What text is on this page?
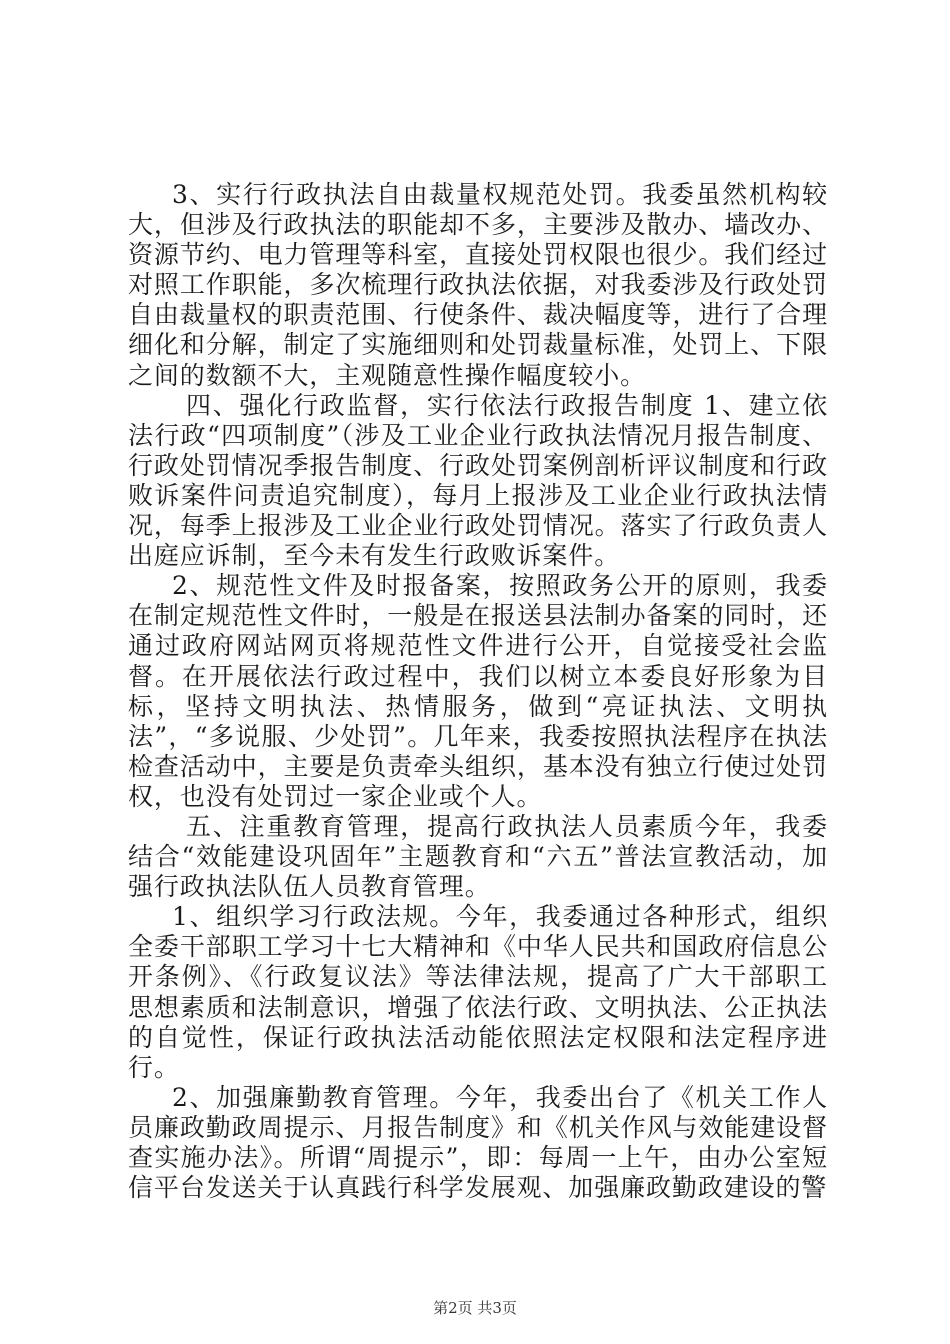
3、实行行政执法自由裁量权规范处罚。我委虽然机构较大，但涉及行政执法的职能却不多，主要涉及散办、墙改办、资源节约、电力管理等科室，直接处罚权限也很少。我们经过对照工作职能，多次梳理行政执法依据，对我委涉及行政处罚自由裁量权的职责范围、行使条件、裁决幅度等，进行了合理细化和分解，制定了实施细则和处罚裁量标准，处罚上、下限之间的数额不大，主观随意性操作幅度较小。

四、强化行政监督，实行依法行政报告制度 1、建立依法行政“四项制度”（涉及工业企业行政执法情况月报告制度、行政处罚情况季报告制度、行政处罚案例剖析评议制度和行政败诉案件问责追究制度），每月上报涉及工业企业行政执法情况，每季上报涉及工业企业行政处罚情况。落实了行政负责人出庭应诉制，至今未有发生行政败诉案件。

2、规范性文件及时报备案，按照政务公开的原则，我委在制定规范性文件时，一般是在报送县法制办备案的同时，还通过政府网站网页将规范性文件进行公开，自觉接受社会监督。在开展依法行政过程中，我们以树立本委良好形象为目标，坚持文明执法、热情服务，做到“亮证执法、文明执法”，“多说服、少处罚”。几年来，我委按照执法程序在执法检查活动中，主要是负责牵头组织，基本没有独立行使过处罚权，也没有处罚过一家企业或个人。

五、注重教育管理，提高行政执法人员素质今年，我委结合“效能建设巩固年”主题教育和“六五”普法宣教活动，加强行政执法队伍人员教育管理。

1、组织学习行政法规。今年，我委通过各种形式，组织全委干部职工学习十七大精神和《中华人民共和国政府信息公开条例》、《行政复议法》等法律法规，提高了广大干部职工思想素质和法制意识，增强了依法行政、文明执法、公正执法的自觉性，保证行政执法活动能依照法定权限和法定程序进行。

2、加强廉勤教育管理。今年，我委出台了《机关工作人员廉政勤政周提示、月报告制度》和《机关作风与效能建设督查实施办法》。所谓“周提示”，即：每周一上午，由办公室短信平台发送关于认真践行科学发展观、加强廉政勤政建设的警

第2页 共3页
